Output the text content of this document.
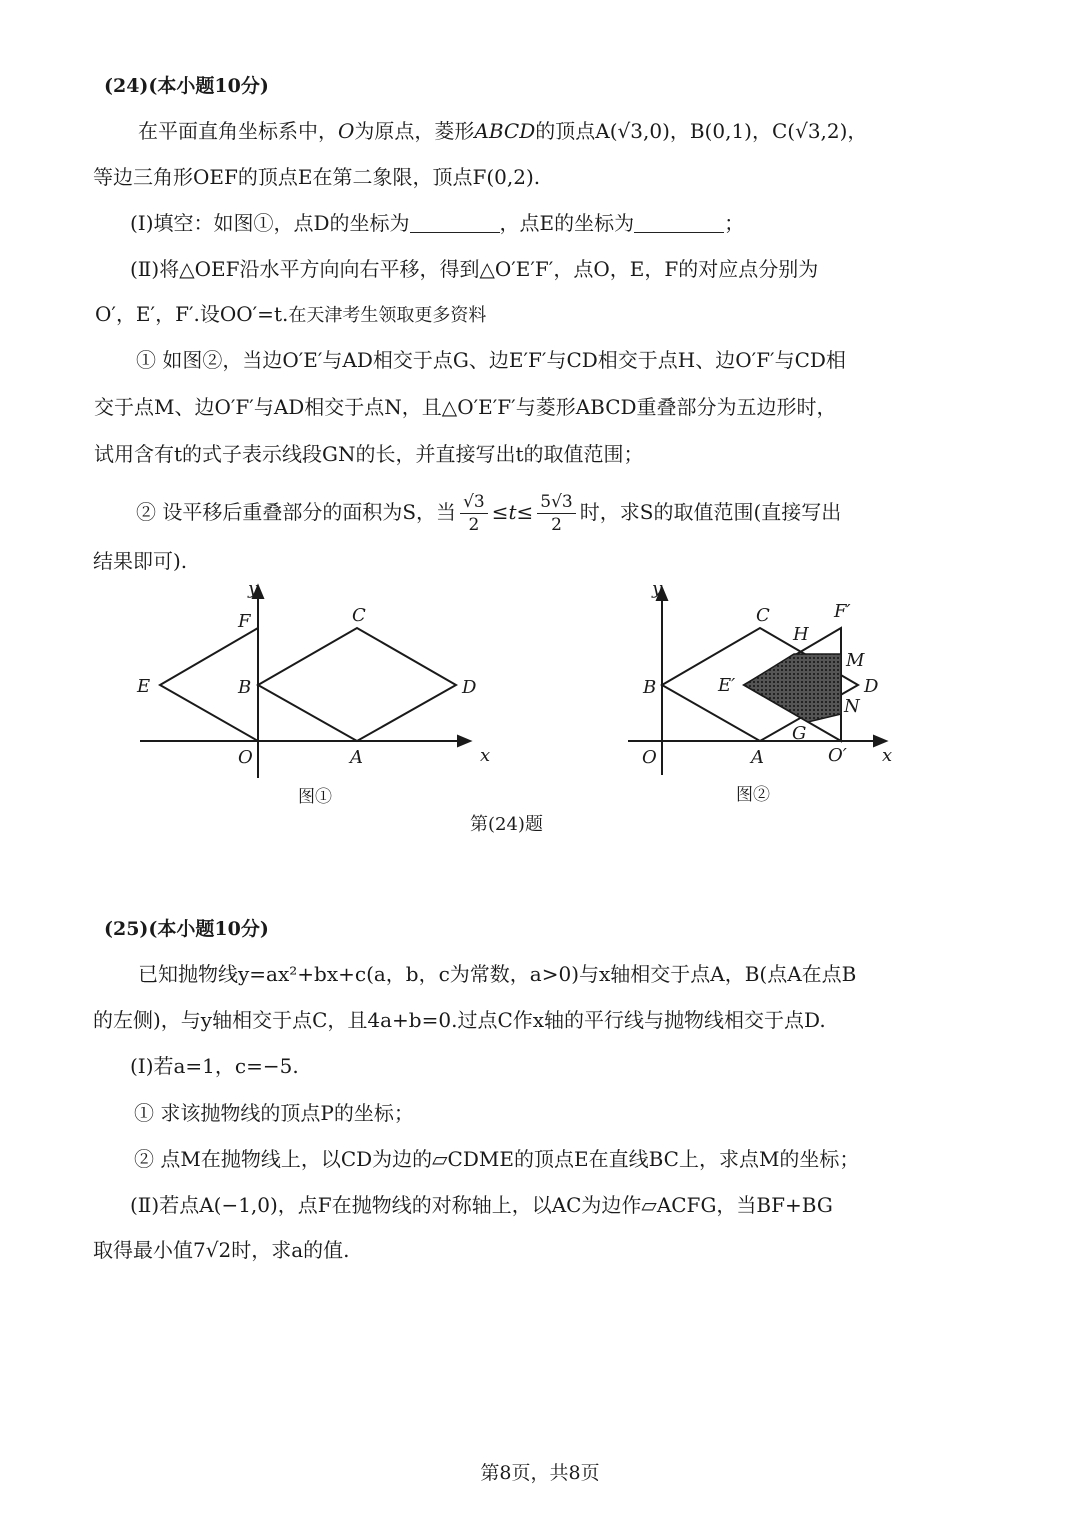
(24)(本小题10分)
在平面直角坐标系中，O为原点，菱形ABCD的顶点A(√3,0)，B(0,1)，C(√3,2)，
等边三角形OEF的顶点E在第二象限，顶点F(0,2).
(Ⅰ)填空：如图①，点D的坐标为	，点E的坐标为	；
(Ⅱ)将△OEF沿水平方向向右平移，得到△O′E′F′，点O，E，F的对应点分别为
O′，E′，F′.设OO′=t.在天津考生领取更多资料
① 如图②，当边O′E′与AD相交于点G、边E′F′与CD相交于点H、边O′F′与CD相
交于点M、边O′F′与AD相交于点N，且△O′E′F′与菱形ABCD重叠部分为五边形时，
试用含有t的式子表示线段GN的长，并直接写出t的取值范围；
② 设平移后重叠部分的面积为S，当 $\frac{√3}{2} \le t\le \frac{5√3}{2}$ 时，求S的取值范围(直接写出
结果即可).
y
x
F	C
E	B	D
O	A
图①
y
x
C	F′
H
M
B	E′	D
N
G
O	A	O′
图②
第(24)题
(25)(本小题10分)
已知抛物线y=ax²+bx+c(a，b，c为常数，a>0)与x轴相交于点A，B(点A在点B
的左侧)，与y轴相交于点C，且4a+b=0.过点C作x轴的平行线与抛物线相交于点D.
(Ⅰ)若a=1，c=−5.
① 求该抛物线的顶点P的坐标；
② 点M在抛物线上，以CD为边的▱CDME的顶点E在直线BC上，求点M的坐标；
(Ⅱ)若点A(−1,0)，点F在抛物线的对称轴上，以AC为边作▱ACFG，当BF+BG
取得最小值7√2时，求a的值.
第8页，共8页
